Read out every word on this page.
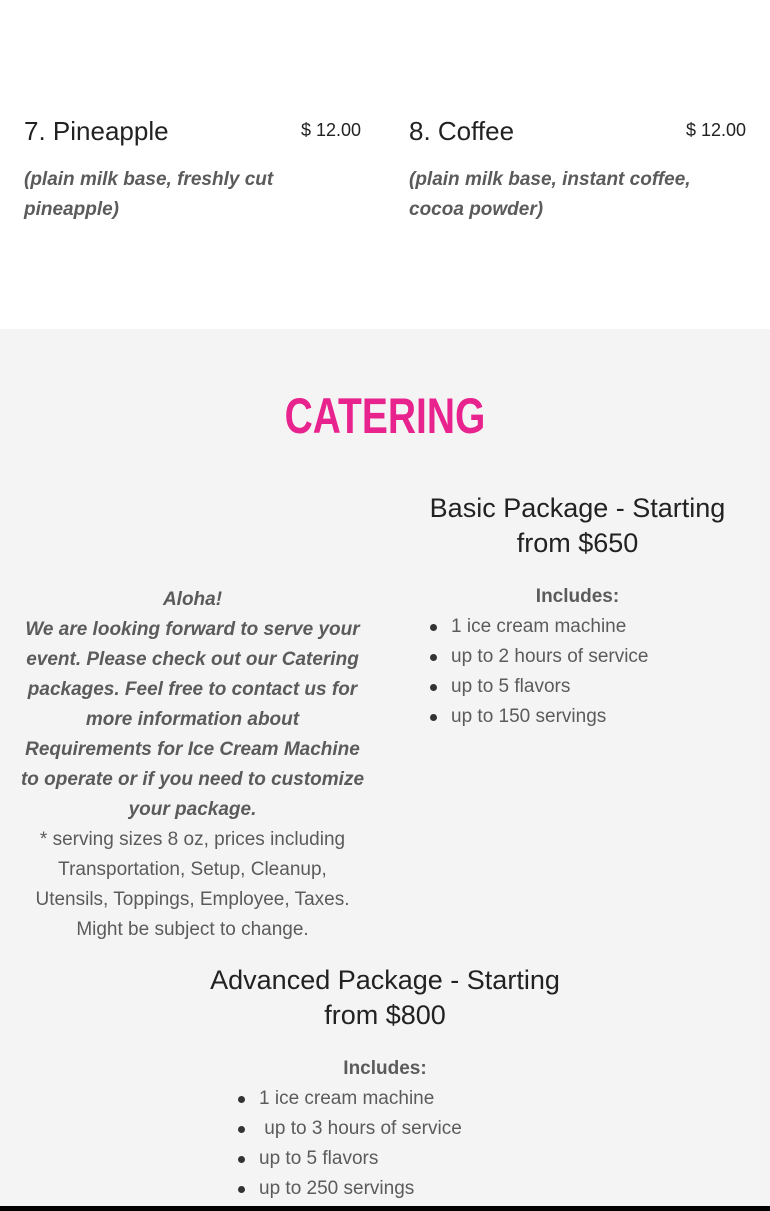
7. Pineapple	$ 12.00
(plain milk base, freshly cut pineapple)
8. Coffee	$ 12.00
(plain milk base, instant coffee, cocoa powder)
CATERING
Aloha!
We are looking forward to serve your event. Please check out our Catering packages. Feel free to contact us for more information about Requirements for Ice Cream Machine to operate or if you need to customize your package.
* serving sizes 8 oz, prices including Transportation, Setup, Cleanup, Utensils, Toppings, Employee, Taxes. Might be subject to change.
Basic Package - Starting from $650
Includes:
1 ice cream machine
up to 2 hours of service
up to 5 flavors
up to 150 servings
Advanced Package - Starting from $800
Includes:
1 ice cream machine
up to 3 hours of service
up to 5 flavors
up to 250 servings
